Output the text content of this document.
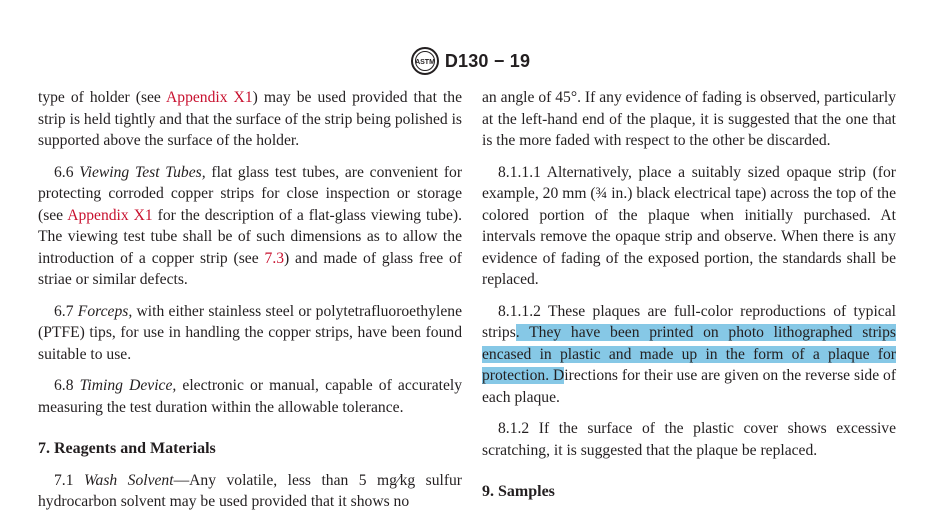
ASTM D130 − 19

type of holder (see Appendix X1) may be used provided that the strip is held tightly and that the surface of the strip being polished is supported above the surface of the holder.

6.6 Viewing Test Tubes, flat glass test tubes, are convenient for protecting corroded copper strips for close inspection or storage (see Appendix X1 for the description of a flat-glass viewing tube). The viewing test tube shall be of such dimensions as to allow the introduction of a copper strip (see 7.3) and made of glass free of striae or similar defects.

6.7 Forceps, with either stainless steel or polytetrafluoroethylene (PTFE) tips, for use in handling the copper strips, have been found suitable to use.

6.8 Timing Device, electronic or manual, capable of accurately measuring the test duration within the allowable tolerance.

7. Reagents and Materials

7.1 Wash Solvent—Any volatile, less than 5 mg⁄kg sulfur hydrocarbon solvent may be used provided that it shows no

an angle of 45°. If any evidence of fading is observed, particularly at the left-hand end of the plaque, it is suggested that the one that is the more faded with respect to the other be discarded.

8.1.1.1 Alternatively, place a suitably sized opaque strip (for example, 20 mm (¾ in.) black electrical tape) across the top of the colored portion of the plaque when initially purchased. At intervals remove the opaque strip and observe. When there is any evidence of fading of the exposed portion, the standards shall be replaced.

8.1.1.2 These plaques are full-color reproductions of typical strips. They have been printed on photo lithographed strips encased in plastic and made up in the form of a plaque for protection. Directions for their use are given on the reverse side of each plaque.

8.1.2 If the surface of the plastic cover shows excessive scratching, it is suggested that the plaque be replaced.

9. Samples
